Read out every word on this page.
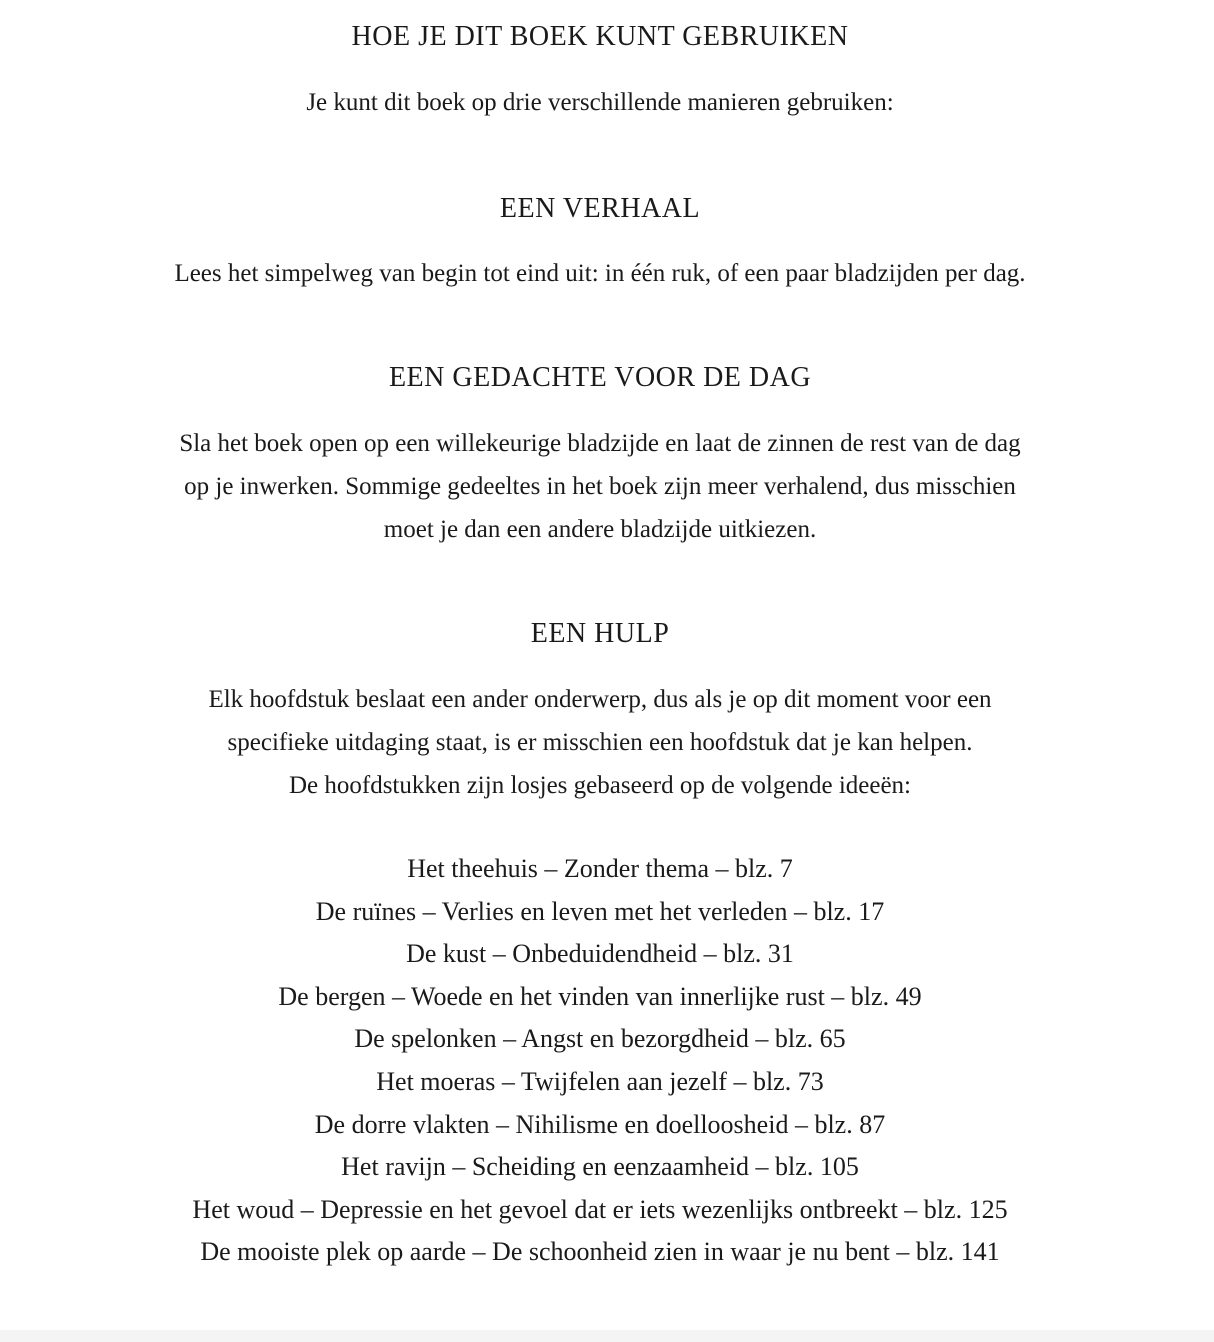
HOE JE DIT BOEK KUNT GEBRUIKEN

Je kunt dit boek op drie verschillende manieren gebruiken:

EEN VERHAAL

Lees het simpelweg van begin tot eind uit: in één ruk, of een paar bladzijden per dag.

EEN GEDACHTE VOOR DE DAG

Sla het boek open op een willekeurige bladzijde en laat de zinnen de rest van de dag
op je inwerken. Sommige gedeeltes in het boek zijn meer verhalend, dus misschien
moet je dan een andere bladzijde uitkiezen.

EEN HULP

Elk hoofdstuk beslaat een ander onderwerp, dus als je op dit moment voor een
specifieke uitdaging staat, is er misschien een hoofdstuk dat je kan helpen.
De hoofdstukken zijn losjes gebaseerd op de volgende ideeën:

Het theehuis – Zonder thema – blz. 7
De ruïnes – Verlies en leven met het verleden – blz. 17
De kust – Onbeduidendheid – blz. 31
De bergen – Woede en het vinden van innerlijke rust – blz. 49
De spelonken – Angst en bezorgdheid – blz. 65
Het moeras – Twijfelen aan jezelf – blz. 73
De dorre vlakten – Nihilisme en doelloosheid – blz. 87
Het ravijn – Scheiding en eenzaamheid – blz. 105
Het woud – Depressie en het gevoel dat er iets wezenlijks ontbreekt – blz. 125
De mooiste plek op aarde – De schoonheid zien in waar je nu bent – blz. 141
